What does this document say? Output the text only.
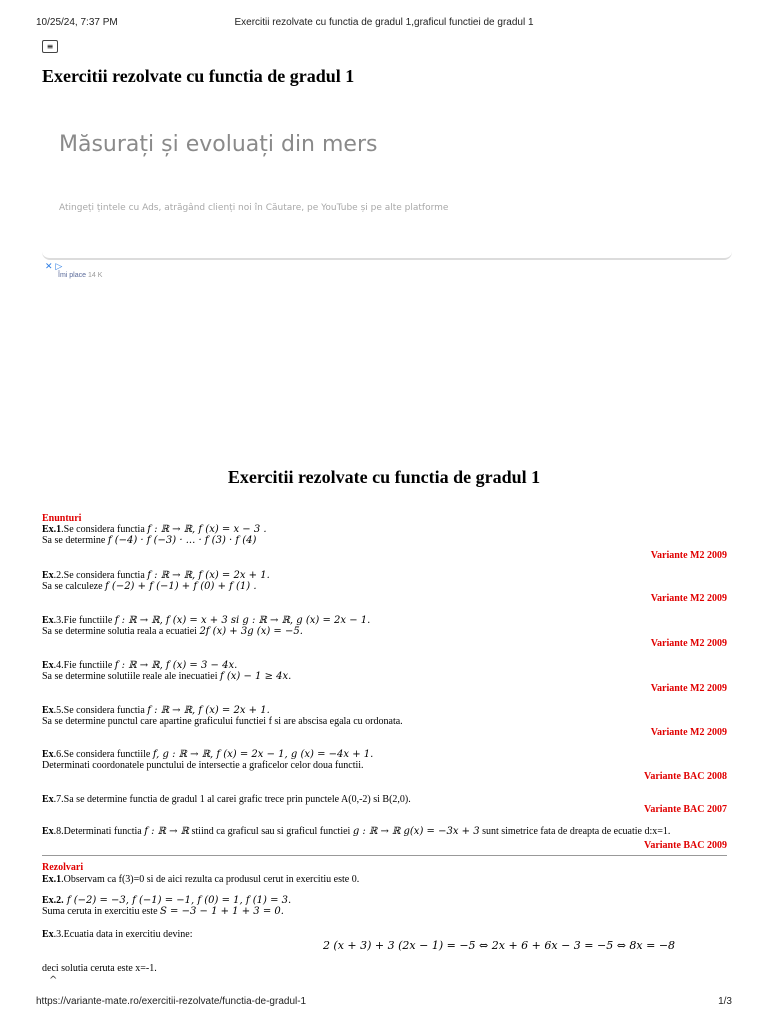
10/25/24, 7:37 PM	Exercitii rezolvate cu functia de gradul 1,graficul functiei de gradul 1
≡
Exercitii rezolvate cu functia de gradul 1
Măsurați și evoluați din mers
Atingeți țintele cu Ads, atrăgând clienți noi în Căutare, pe YouTube și pe alte platforme
✕ ▷
Îmi place 14 K
Exercitii rezolvate cu functia de gradul 1
Enunturi
Ex.1.Se considera functia f : ℝ → ℝ, f (x) = x − 3 .
Sa se determine f (−4) · f (−3) · ... · f (3) · f (4)
Variante M2 2009
Ex.2.Se considera functia f : ℝ → ℝ, f (x) = 2x + 1.
Sa se calculeze f (−2) + f (−1) + f (0) + f (1) .
Variante M2 2009
Ex.3.Fie functiile f : ℝ → ℝ, f (x) = x + 3 si g : ℝ → ℝ, g (x) = 2x − 1.
Sa se determine solutia reala a ecuatiei 2f (x) + 3g (x) = −5.
Variante M2 2009
Ex.4.Fie functiile f : ℝ → ℝ, f (x) = 3 − 4x.
Sa se determine solutiile reale ale inecuatiei f (x) − 1 ≥ 4x.
Variante M2 2009
Ex.5.Se considera functia f : ℝ → ℝ, f (x) = 2x + 1.
Sa se determine punctul care apartine graficului functiei f si are abscisa egala cu ordonata.
Variante M2 2009
Ex.6.Se considera functiile f, g : ℝ → ℝ, f (x) = 2x − 1, g (x) = −4x + 1.
Determinati coordonatele punctului de intersectie a graficelor celor doua functii.
Variante BAC 2008
Ex.7.Sa se determine functia de gradul 1 al carei grafic trece prin punctele A(0,-2) si B(2,0).
Variante BAC 2007
Ex.8.Determinati functia f : ℝ → ℝ stiind ca graficul sau si graficul functiei g : ℝ → ℝ g(x) = −3x + 3 sunt simetrice fata de dreapta de ecuatie d:x=1.
Variante BAC 2009
Rezolvari
Ex.1.Observam ca f(3)=0 si de aici rezulta ca produsul cerut in exercitiu este 0.
Ex.2. f (−2) = −3, f (−1) = −1, f (0) = 1, f (1) = 3.
Suma ceruta in exercitiu este S = −3 − 1 + 1 + 3 = 0.
Ex.3.Ecuatia data in exercitiu devine:
2 (x + 3) + 3 (2x − 1) = −5 ⇔ 2x + 6 + 6x − 3 = −5 ⇔ 8x = −8
deci solutia ceruta este x=-1.
^
https://variante-mate.ro/exercitii-rezolvate/functia-de-gradul-1	1/3
